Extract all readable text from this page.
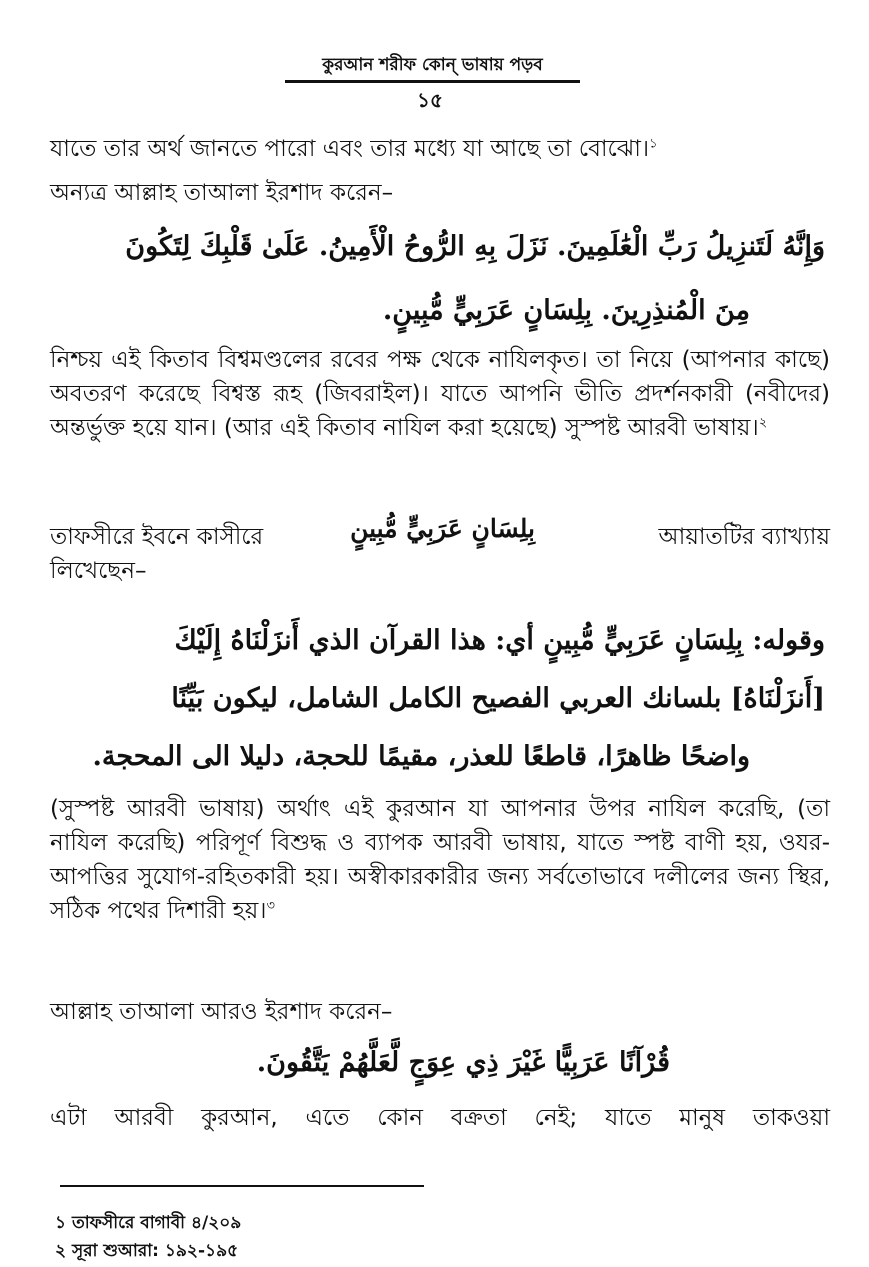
কুরআন শরীফ কোন্‌ ভাষায় পড়ব
১৫
যাতে তার অর্থ জানতে পারো এবং তার মধ্যে যা আছে তা বোঝো।$^১$
অন্যত্র আল্লাহ তাআলা ইরশাদ করেন–
وَإِنَّهُ لَتَنزِيلُ رَبِّ الْعَٰلَمِينَ. نَزَلَ بِهِ الرُّوحُ الْأَمِينُ. عَلَىٰ قَلْبِكَ لِتَكُونَ
مِنَ الْمُنذِرِينَ. بِلِسَانٍ عَرَبِيٍّ مُّبِينٍ.
নিশ্চয় এই কিতাব বিশ্বমণ্ডলের রবের পক্ষ থেকে নাযিলকৃত। তা নিয়ে (আপনার কাছে) অবতরণ করেছে বিশ্বস্ত রূহ (জিবরাইল)। যাতে আপনি ভীতি প্রদর্শনকারী (নবীদের) অন্তর্ভুক্ত হয়ে যান। (আর এই কিতাব নাযিল করা হয়েছে) সুস্পষ্ট আরবী ভাষায়।$^২$
তাফসীরে ইবনে কাসীরে	بِلِسَانٍ عَرَبِيٍّ مُّبِينٍ	আয়াতটির ব্যাখ্যায়
লিখেছেন–
وقوله: بِلِسَانٍ عَرَبِيٍّ مُّبِينٍ أي: هذا القرآن الذي أَنزَلْنَاهُ إِلَيْكَ
[أَنزَلْنَاهُ] بلسانك العربي الفصيح الكامل الشامل، ليكون بَيِّنًا
واضحًا ظاهرًا، قاطعًا للعذر، مقيمًا للحجة، دليلا الى المحجة.
(সুস্পষ্ট আরবী ভাষায়) অর্থাৎ এই কুরআন যা আপনার উপর নাযিল করেছি, (তা নাযিল করেছি) পরিপূর্ণ বিশুদ্ধ ও ব্যাপক আরবী ভাষায়, যাতে স্পষ্ট বাণী হয়, ওযর-আপত্তির সুযোগ-রহিতকারী হয়। অস্বীকারকারীর জন্য সর্বতোভাবে দলীলের জন্য স্থির, সঠিক পথের দিশারী হয়।$^৩$
আল্লাহ তাআলা আরও ইরশাদ করেন–
قُرْآنًا عَرَبِيًّا غَيْرَ ذِي عِوَجٍ لَّعَلَّهُمْ يَتَّقُونَ.
এটা আরবী কুরআন, এতে কোন বক্রতা নেই; যাতে মানুষ তাকওয়া
১ তাফসীরে বাগাবী ৪/২০৯
২ সূরা শুআরা: ১৯২-১৯৫
